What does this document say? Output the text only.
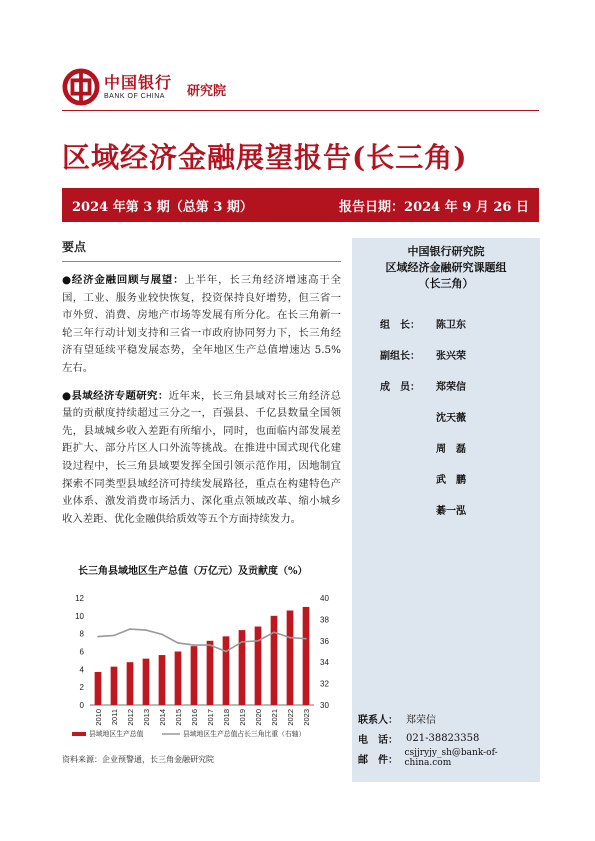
中国银行
BANK OF CHINA 研究院
区域经济金融展望报告(长三角)
2024 年第 3 期（总第 3 期）	报告日期：2024 年 9 月 26 日
要点

●经济金融回顾与展望：上半年，长三角经济增速高于全国，工业、服务业较快恢复，投资保持良好增势，但三省一市外贸、消费、房地产市场等发展有所分化。在长三角新一轮三年行动计划支持和三省一市政府协同努力下，长三角经济有望延续平稳发展态势，全年地区生产总值增速达 5.5%左右。

●县域经济专题研究：近年来，长三角县域对长三角经济总量的贡献度持续超过三分之一，百强县、千亿县数量全国领先，县域城乡收入差距有所缩小，同时，也面临内部发展差距扩大、部分片区人口外流等挑战。在推进中国式现代化建设过程中，长三角县域要发挥全国引领示范作用，因地制宜探索不同类型县域经济可持续发展路径，重点在构建特色产业体系、激发消费市场活力、深化重点领域改革、缩小城乡收入差距、优化金融供给质效等五个方面持续发力。

中国银行研究院
区域经济金融研究课题组
（长三角）
组　长：	陈卫东
副组长：	张兴荣
成　员：	郑荣信
沈天薇
周　磊
武　鹏
綦一泓
联系人： 郑荣信
电　话： 021-38823358
邮　件：
csjjryjy_sh@bank-of-china.com
长三角县域地区生产总值（万亿元）及贡献度（%）
0
2
4
6
8
10
12
30
32
34
36
38
40
2010 2011 2012 2013 2014 2015 2016 2017 2018 2019 2020 2021 2022 2023
县域地区生产总值	县域地区生产总值占长三角比重（右轴）
资料来源：企业预警通，长三角金融研究院
